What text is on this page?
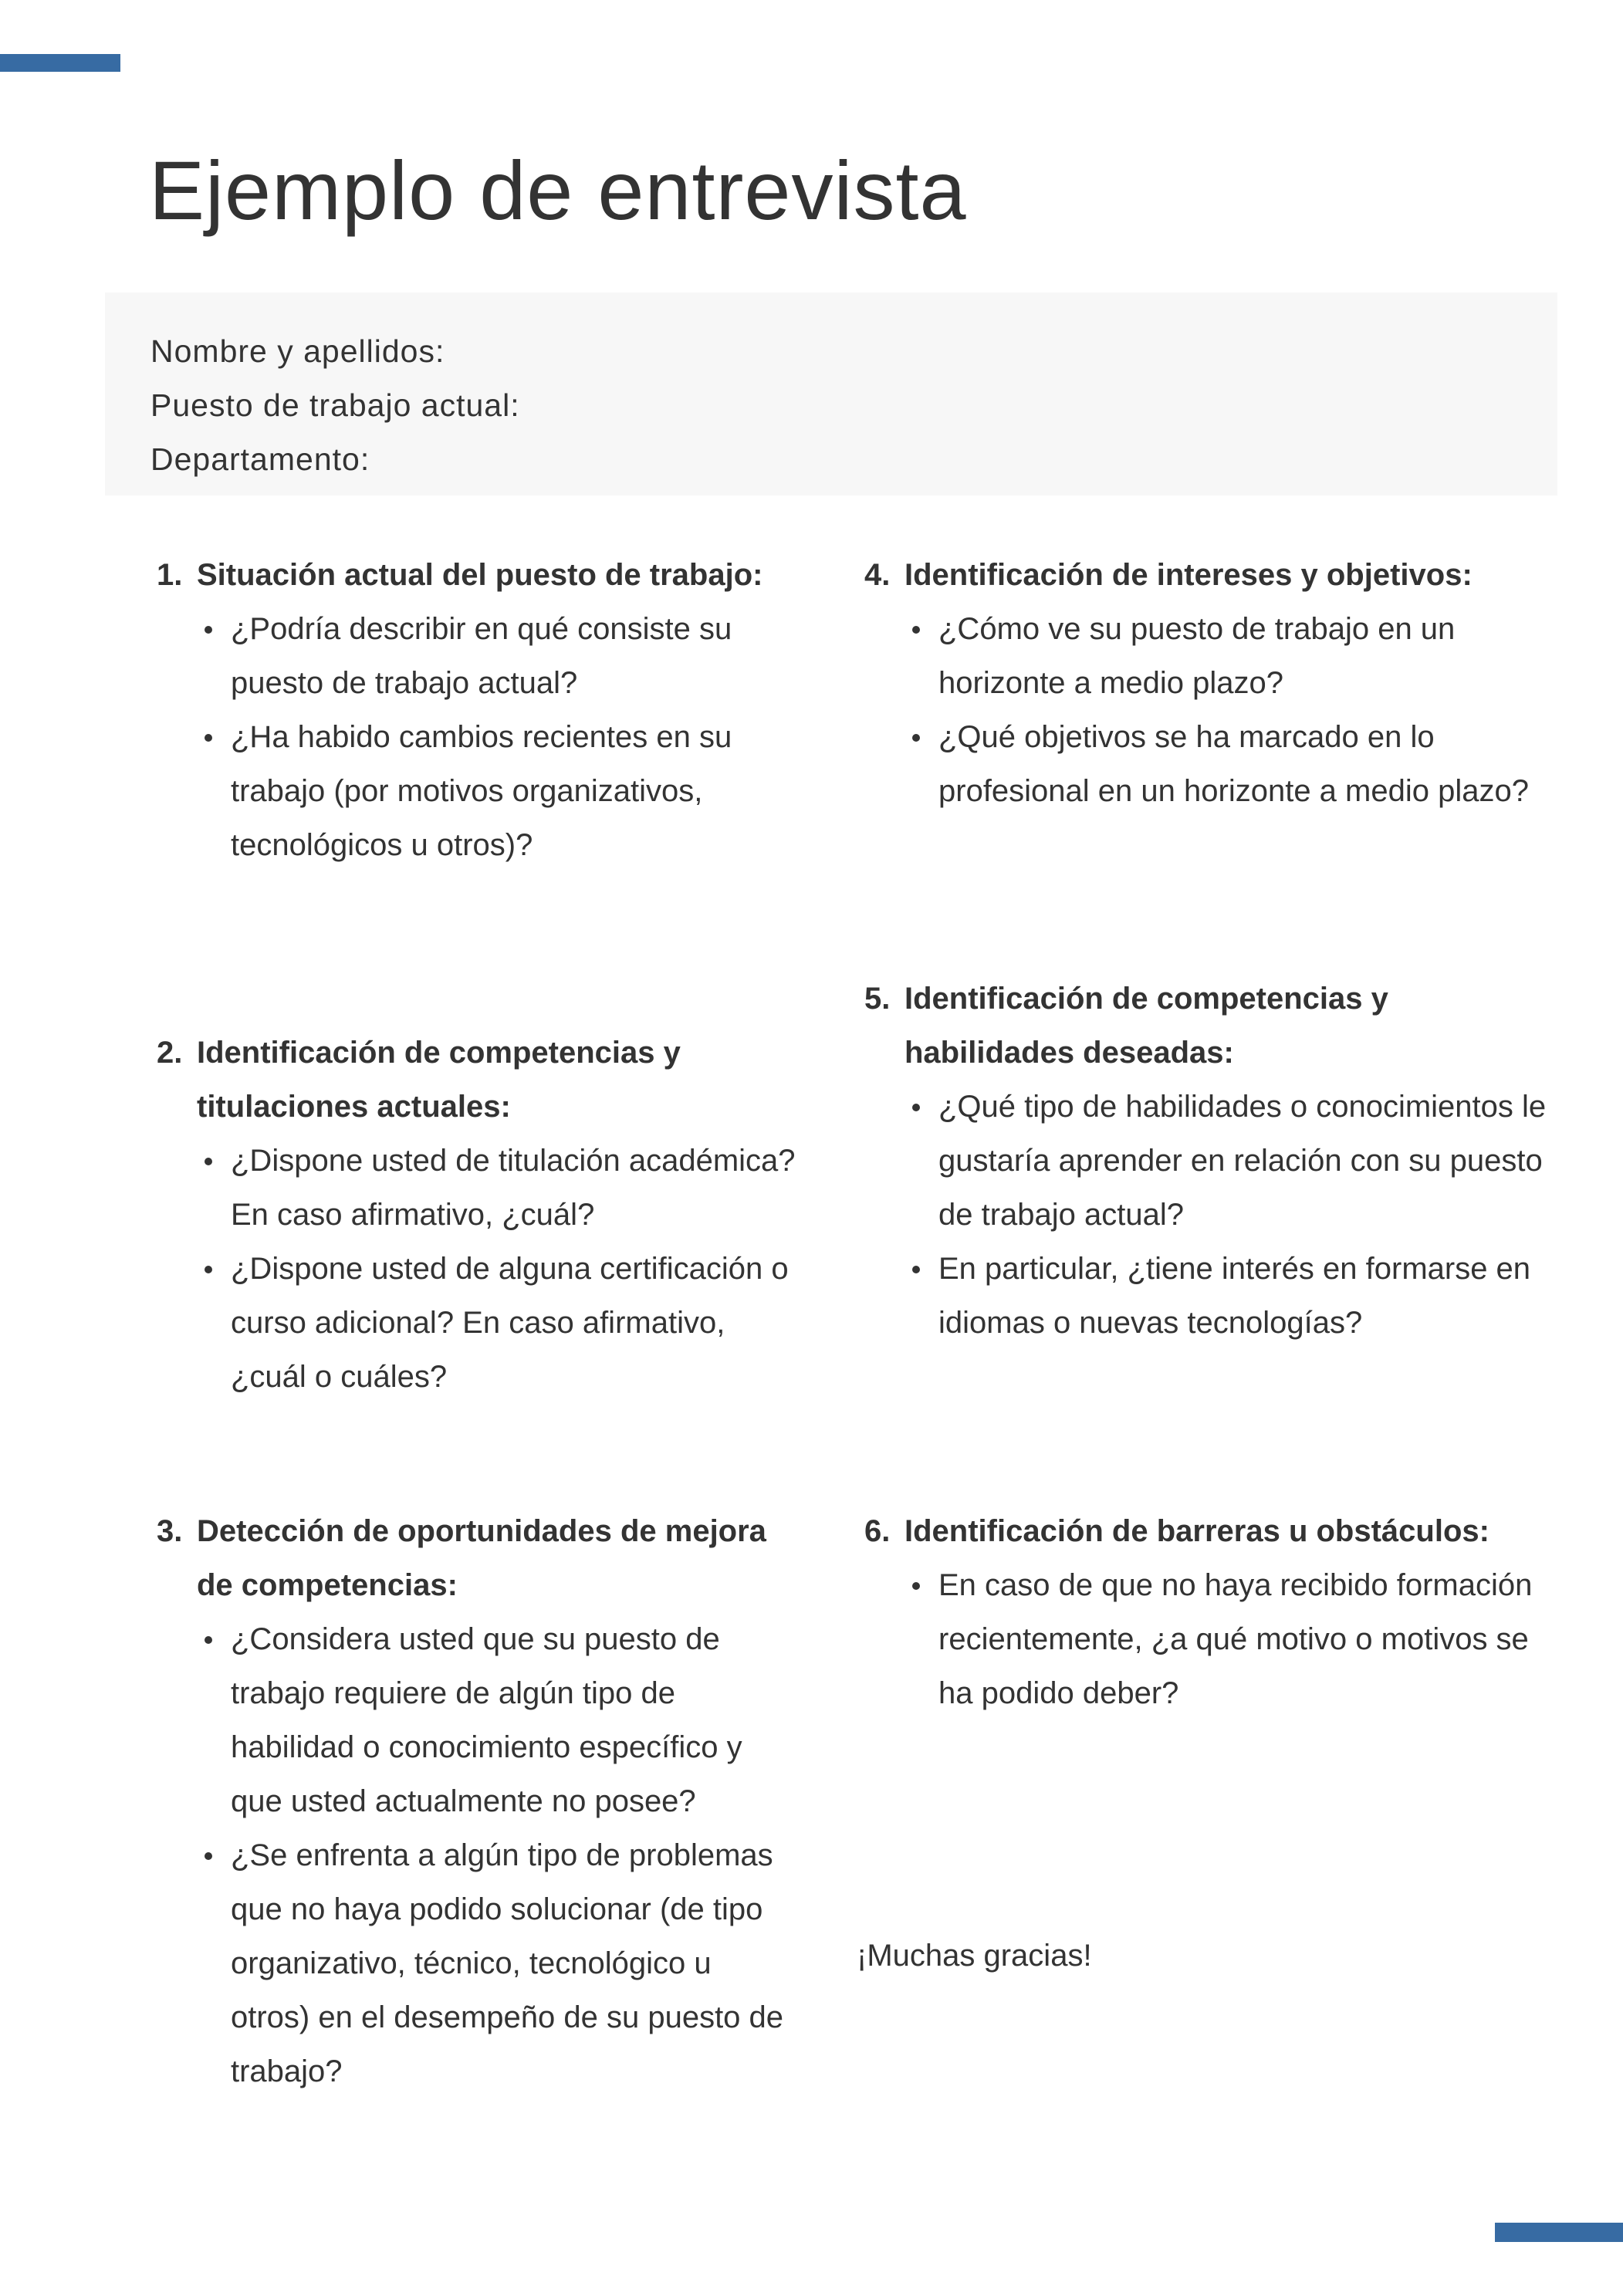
Ejemplo de entrevista
Nombre y apellidos:
Puesto de trabajo actual:
Departamento:
1. Situación actual del puesto de trabajo:
¿Podría describir en qué consiste su puesto de trabajo actual?
¿Ha habido cambios recientes en su trabajo (por motivos organizativos, tecnológicos u otros)?
2. Identificación de competencias y titulaciones actuales:
¿Dispone usted de titulación académica? En caso afirmativo, ¿cuál?
¿Dispone usted de alguna certificación o curso adicional? En caso afirmativo, ¿cuál o cuáles?
3. Detección de oportunidades de mejora de competencias:
¿Considera usted que su puesto de trabajo requiere de algún tipo de habilidad o conocimiento específico y que usted actualmente no posee?
¿Se enfrenta a algún tipo de problemas que no haya podido solucionar (de tipo organizativo, técnico, tecnológico u otros) en el desempeño de su puesto de trabajo?
4. Identificación de intereses y objetivos:
¿Cómo ve su puesto de trabajo en un horizonte a medio plazo?
¿Qué objetivos se ha marcado en lo profesional en un horizonte a medio plazo?
5. Identificación de competencias y habilidades deseadas:
¿Qué tipo de habilidades o conocimientos le gustaría aprender en relación con su puesto de trabajo actual?
En particular, ¿tiene interés en formarse en idiomas o nuevas tecnologías?
6. Identificación de barreras u obstáculos:
En caso de que no haya recibido formación recientemente, ¿a qué motivo o motivos se ha podido deber?
¡Muchas gracias!
